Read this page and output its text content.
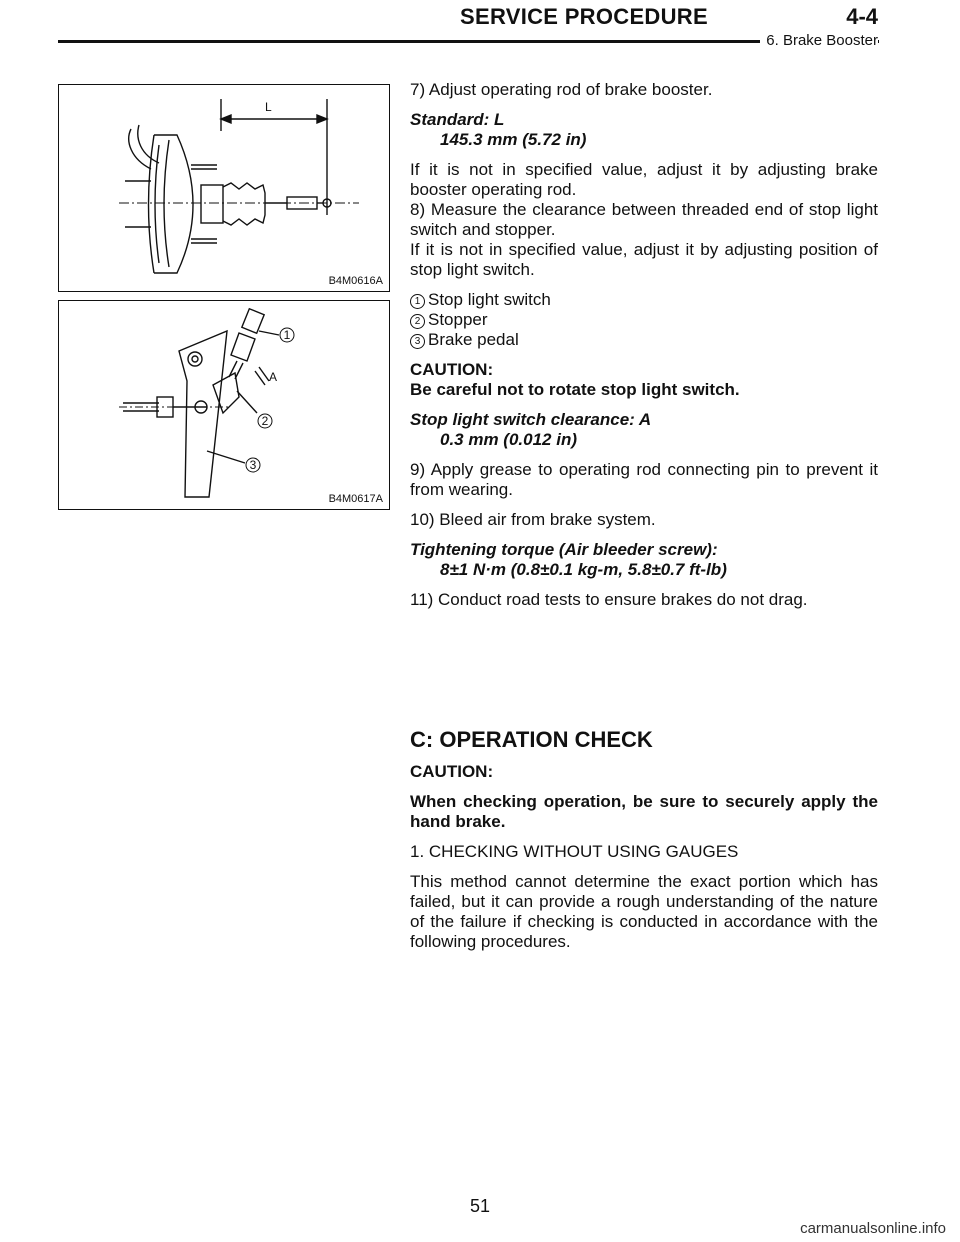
SERVICE PROCEDURE	4-4
6. Brake Booster
L
B4M0616A
1
A
2
3
B4M0617A

7) Adjust operating rod of brake booster.

Standard: L

145.3 mm (5.72 in)

If it is not in specified value, adjust it by adjusting brake booster operating rod.

8) Measure the clearance between threaded end of stop light switch and stopper.

If it is not in specified value, adjust it by adjusting position of stop light switch.

1 Stop light switch

2 Stopper

3 Brake pedal

CAUTION:

Be careful not to rotate stop light switch.

Stop light switch clearance: A

0.3 mm (0.012 in)

9) Apply grease to operating rod connecting pin to prevent it from wearing.

10) Bleed air from brake system.

Tightening torque (Air bleeder screw):

8±1 N·m (0.8±0.1 kg-m, 5.8±0.7 ft-lb)

11) Conduct road tests to ensure brakes do not drag.

C: OPERATION CHECK

CAUTION:

When checking operation, be sure to securely apply the hand brake.

1. CHECKING WITHOUT USING GAUGES

This method cannot determine the exact portion which has failed, but it can provide a rough understanding of the nature of the failure if checking is conducted in accordance with the following procedures.

51
carmanualsonline.info
